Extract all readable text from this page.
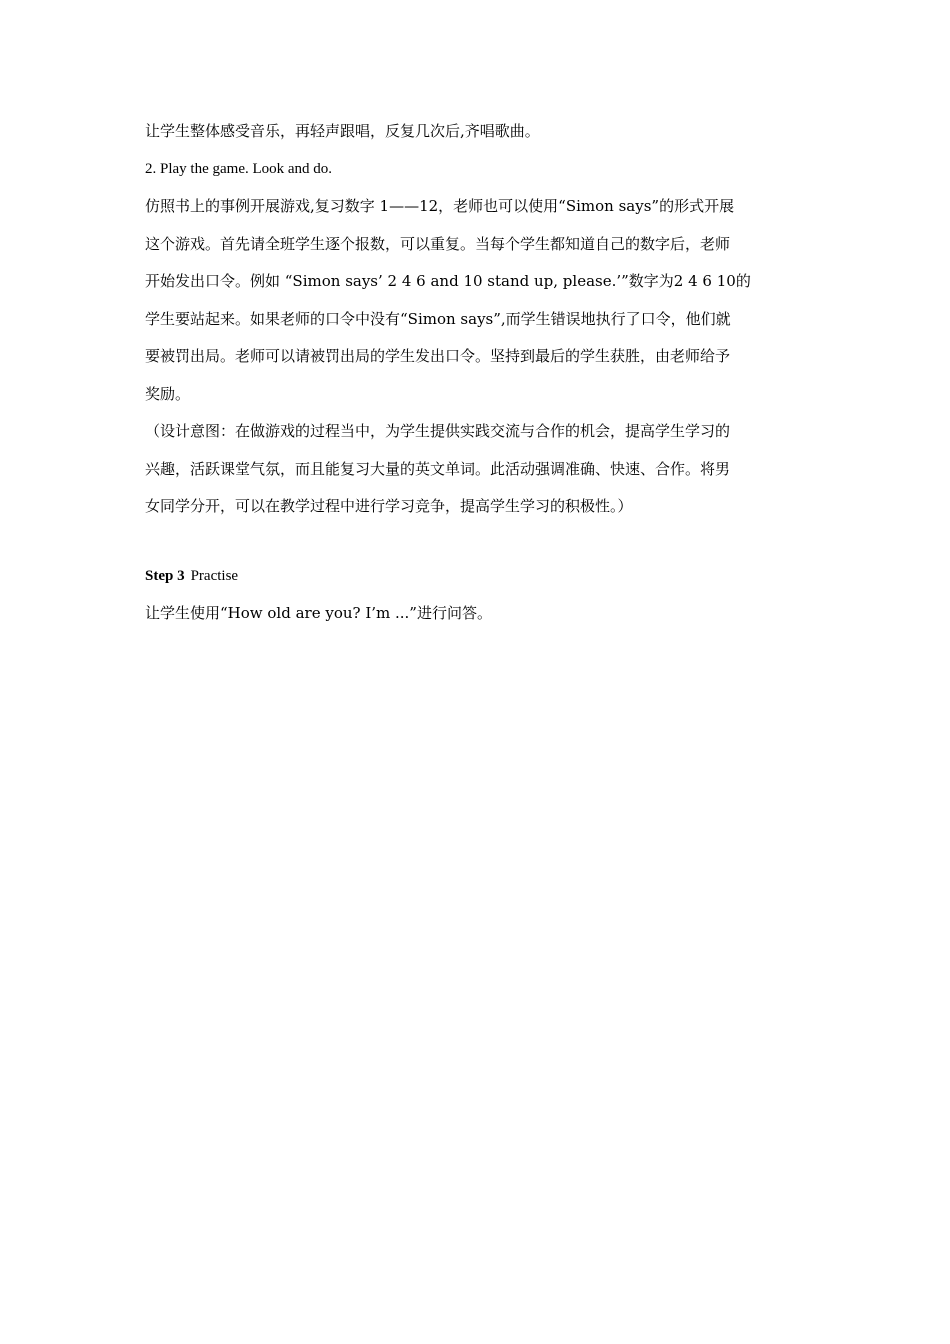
让学生整体感受音乐，再轻声跟唱，反复几次后,齐唱歌曲。
2. Play the game. Look and do.
仿照书上的事例开展游戏,复习数字 1——12，老师也可以使用“Simon says”的形式开展
这个游戏。首先请全班学生逐个报数，可以重复。当每个学生都知道自己的数字后，老师
开始发出口令。例如 “Simon says’ 2 4 6 and 10 stand up, please.’”数字为2 4 6 10的
学生要站起来。如果老师的口令中没有“Simon says”,而学生错误地执行了口令，他们就
要被罚出局。老师可以请被罚出局的学生发出口令。坚持到最后的学生获胜，由老师给予
奖励。
（设计意图：在做游戏的过程当中，为学生提供实践交流与合作的机会，提高学生学习的
兴趣，活跃课堂气氛，而且能复习大量的英文单词。此活动强调准确、快速、合作。将男
女同学分开，可以在教学过程中进行学习竞争，提高学生学习的积极性。）
Step 3 Practise
让学生使用“How old are you? I’m ...”进行问答。
